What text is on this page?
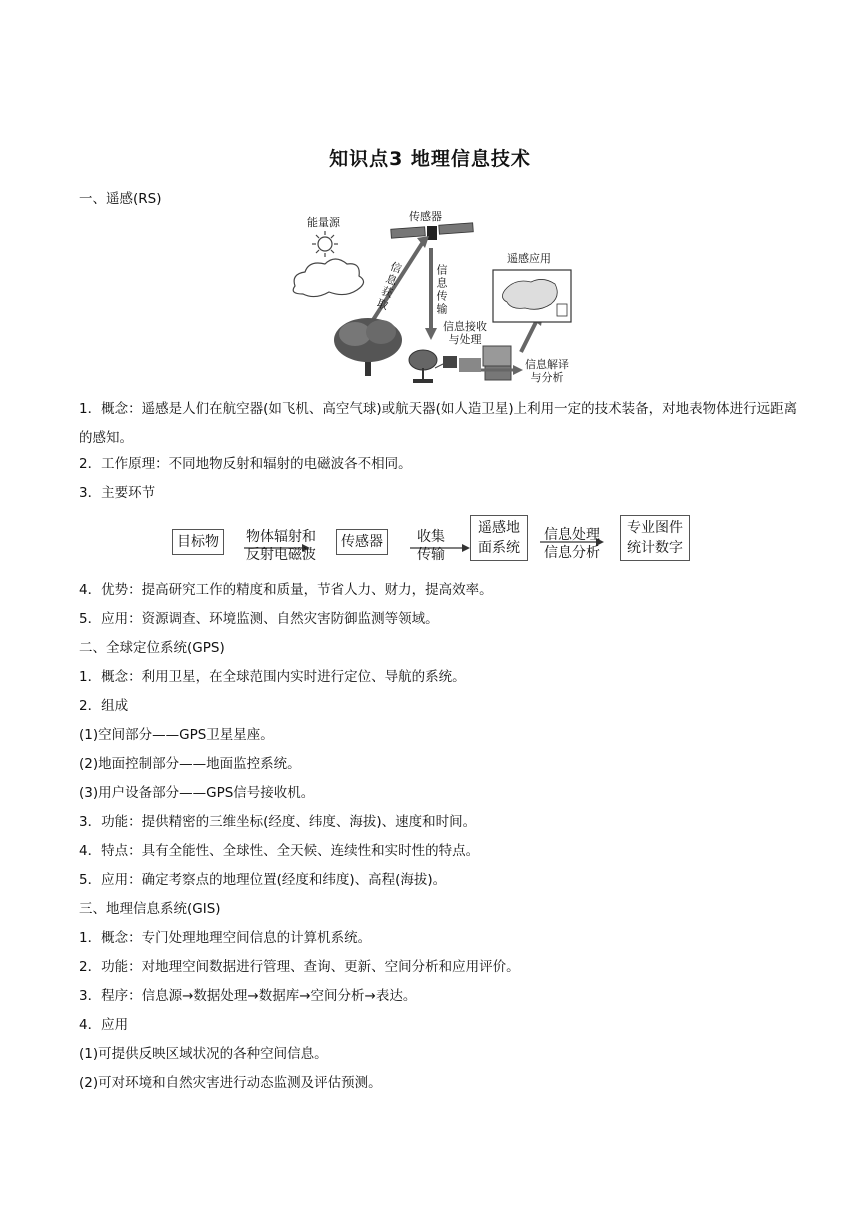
知识点3 地理信息技术
一、遥感(RS)
能量源	传感器
信息获取	信息传输
遥感应用
信息接收与处理
信息解译与分析
1．概念：遥感是人们在航空器(如飞机、高空气球)或航天器(如人造卫星)上利用一定的技术装备，对地表物体进行远距离的感知。
2．工作原理：不同地物反射和辐射的电磁波各不相同。
3．主要环节
目标物	物体辐射和
反射电磁波
传感器	收集
传输
遥感地
面系统
信息处理
信息分析
专业图件
统计数字
4．优势：提高研究工作的精度和质量，节省人力、财力，提高效率。
5．应用：资源调查、环境监测、自然灾害防御监测等领域。
二、全球定位系统(GPS)
1．概念：利用卫星，在全球范围内实时进行定位、导航的系统。
2．组成
(1)空间部分——GPS卫星星座。
(2)地面控制部分——地面监控系统。
(3)用户设备部分——GPS信号接收机。
3．功能：提供精密的三维坐标(经度、纬度、海拔)、速度和时间。
4．特点：具有全能性、全球性、全天候、连续性和实时性的特点。
5．应用：确定考察点的地理位置(经度和纬度)、高程(海拔)。
三、地理信息系统(GIS)
1．概念：专门处理地理空间信息的计算机系统。
2．功能：对地理空间数据进行管理、查询、更新、空间分析和应用评价。
3．程序：信息源→数据处理→数据库→空间分析→表达。
4．应用
(1)可提供反映区域状况的各种空间信息。
(2)可对环境和自然灾害进行动态监测及评估预测。
